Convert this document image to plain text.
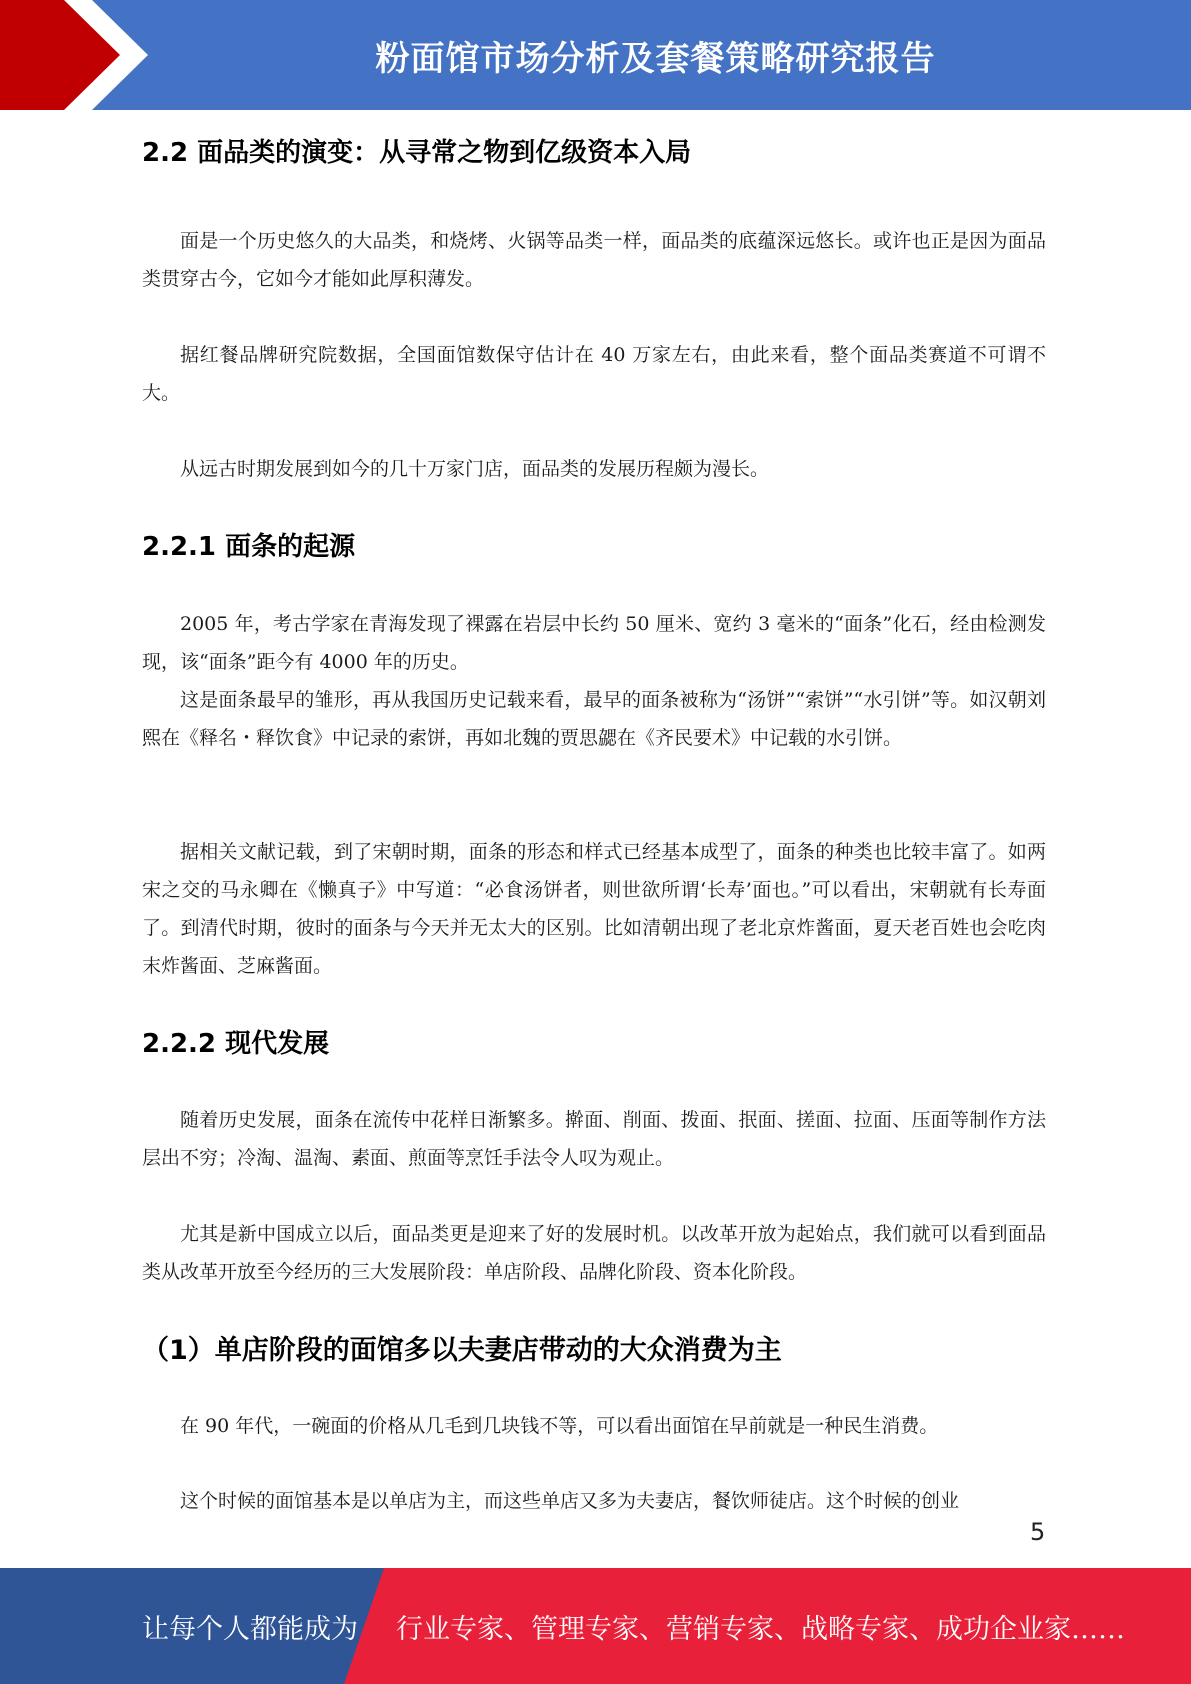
粉面馆市场分析及套餐策略研究报告
2.2 面品类的演变：从寻常之物到亿级资本入局

面是一个历史悠久的大品类，和烧烤、火锅等品类一样，面品类的底蕴深远悠长。或许也正是因为面品类贯穿古今，它如今才能如此厚积薄发。

据红餐品牌研究院数据，全国面馆数保守估计在 40 万家左右，由此来看，整个面品类赛道不可谓不大。

从远古时期发展到如今的几十万家门店，面品类的发展历程颇为漫长。

2.2.1 面条的起源

2005 年，考古学家在青海发现了裸露在岩层中长约 50 厘米、宽约 3 毫米的“面条”化石，经由检测发现，该“面条”距今有 4000 年的历史。

这是面条最早的雏形，再从我国历史记载来看，最早的面条被称为“汤饼”“索饼”“水引饼”等。如汉朝刘熙在《释名・释饮食》中记录的索饼，再如北魏的贾思勰在《齐民要术》中记载的水引饼。

据相关文献记载，到了宋朝时期，面条的形态和样式已经基本成型了，面条的种类也比较丰富了。如两宋之交的马永卿在《懒真子》中写道：“必食汤饼者，则世欲所谓‘长寿’面也。”可以看出，宋朝就有长寿面了。到清代时期，彼时的面条与今天并无太大的区别。比如清朝出现了老北京炸酱面，夏天老百姓也会吃肉末炸酱面、芝麻酱面。

2.2.2 现代发展

随着历史发展，面条在流传中花样日渐繁多。擀面、削面、拨面、抿面、搓面、拉面、压面等制作方法层出不穷；冷淘、温淘、素面、煎面等烹饪手法令人叹为观止。

尤其是新中国成立以后，面品类更是迎来了好的发展时机。以改革开放为起始点，我们就可以看到面品类从改革开放至今经历的三大发展阶段：单店阶段、品牌化阶段、资本化阶段。

（1）单店阶段的面馆多以夫妻店带动的大众消费为主

在 90 年代，一碗面的价格从几毛到几块钱不等，可以看出面馆在早前就是一种民生消费。

这个时候的面馆基本是以单店为主，而这些单店又多为夫妻店，餐饮师徒店。这个时候的创业

5
让每个人都能成为 行业专家、管理专家、营销专家、战略专家、成功企业家……
